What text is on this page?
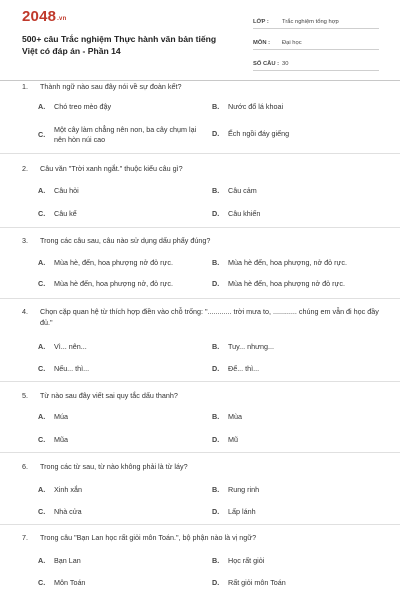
2048.vn
500+ câu Trắc nghiệm Thực hành văn bản tiếng Việt có đáp án - Phần 14
LỚP :	Trắc nghiệm tổng hợp
MÔN :	Đại học
SỐ CÂU : 30
1.	Thành ngữ nào sau đây nói về sự đoàn kết?
A.	Chó treo mèo đậy	B.	Nước đổ lá khoai
C.
Một cây làm chẳng nên non, ba cây chụm lại nên hòn núi cao
D.	Ếch ngồi đáy giếng
2.	Câu văn "Trời xanh ngắt." thuộc kiểu câu gì?
A.	Câu hỏi	B.	Câu cảm
C.	Câu kể	D.	Câu khiến
3.	Trong các câu sau, câu nào sử dụng dấu phẩy đúng?
A.	Mùa hè, đến, hoa phượng nở đỏ rực.	B.	Mùa hè đến, hoa phượng, nở đỏ rực.
C.	Mùa hè đến, hoa phượng nở, đỏ rực.	D.	Mùa hè đến, hoa phượng nở đỏ rực.
4.	Chọn cặp quan hệ từ thích hợp điền vào chỗ trống: "............ trời mưa to, ............ chúng em vẫn đi học đầy đủ."
A.	Vì... nên...	B.	Tuy... nhưng...
C.	Nếu... thì...	D.	Để... thì...
5.	Từ nào sau đây viết sai quy tắc dấu thanh?
A.	Múa	B.	Mùa
C.	Mũa	D.	Mũ
6.	Trong các từ sau, từ nào không phải là từ láy?
A.	Xinh xắn	B.	Rung rinh
C.	Nhà cửa	D.	Lấp lánh
7.	Trong câu "Bạn Lan học rất giỏi môn Toán.", bộ phận nào là vị ngữ?
A.	Bạn Lan	B.	Học rất giỏi
C.	Môn Toán	D.	Rất giỏi môn Toán
